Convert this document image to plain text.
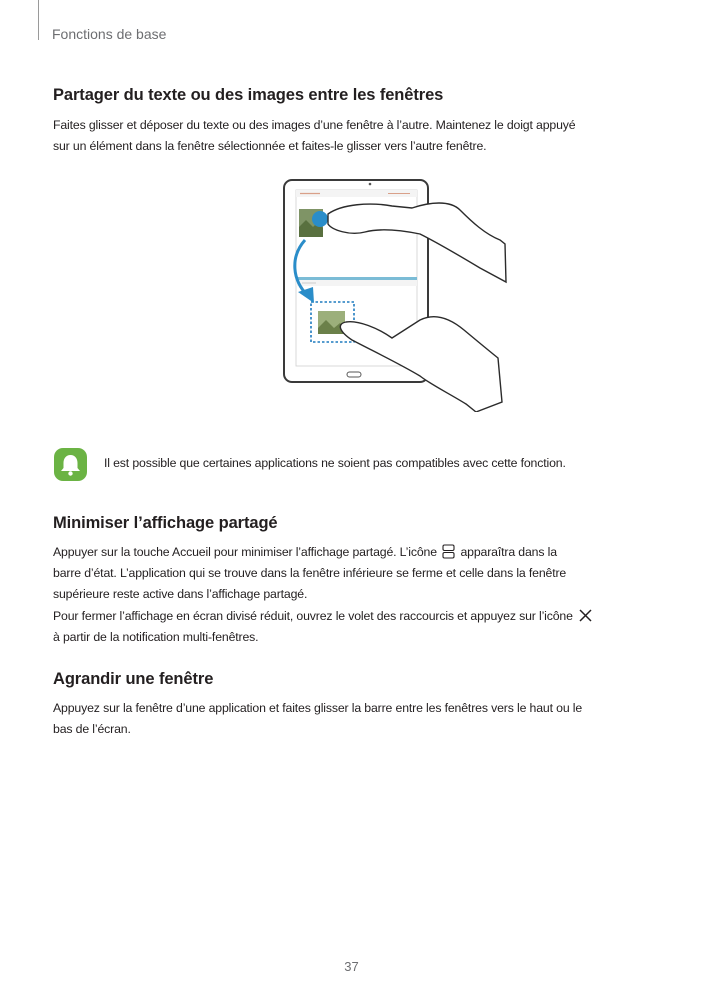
Fonctions de base
Partager du texte ou des images entre les fenêtres

Faites glisser et déposer du texte ou des images d’une fenêtre à l’autre. Maintenez le doigt appuyé
sur un élément dans la fenêtre sélectionnée et faites-le glisser vers l’autre fenêtre.

Il est possible que certaines applications ne soient pas compatibles avec cette fonction.
Minimiser l’affichage partagé

Appuyer sur la touche Accueil pour minimiser l’affichage partagé. L’icône apparaîtra dans la
barre d’état. L’application qui se trouve dans la fenêtre inférieure se ferme et celle dans la fenêtre
supérieure reste active dans l’affichage partagé.

Pour fermer l’affichage en écran divisé réduit, ouvrez le volet des raccourcis et appuyez sur l’icône
à partir de la notification multi-fenêtres.

Agrandir une fenêtre

Appuyez sur la fenêtre d’une application et faites glisser la barre entre les fenêtres vers le haut ou le
bas de l’écran.

37
